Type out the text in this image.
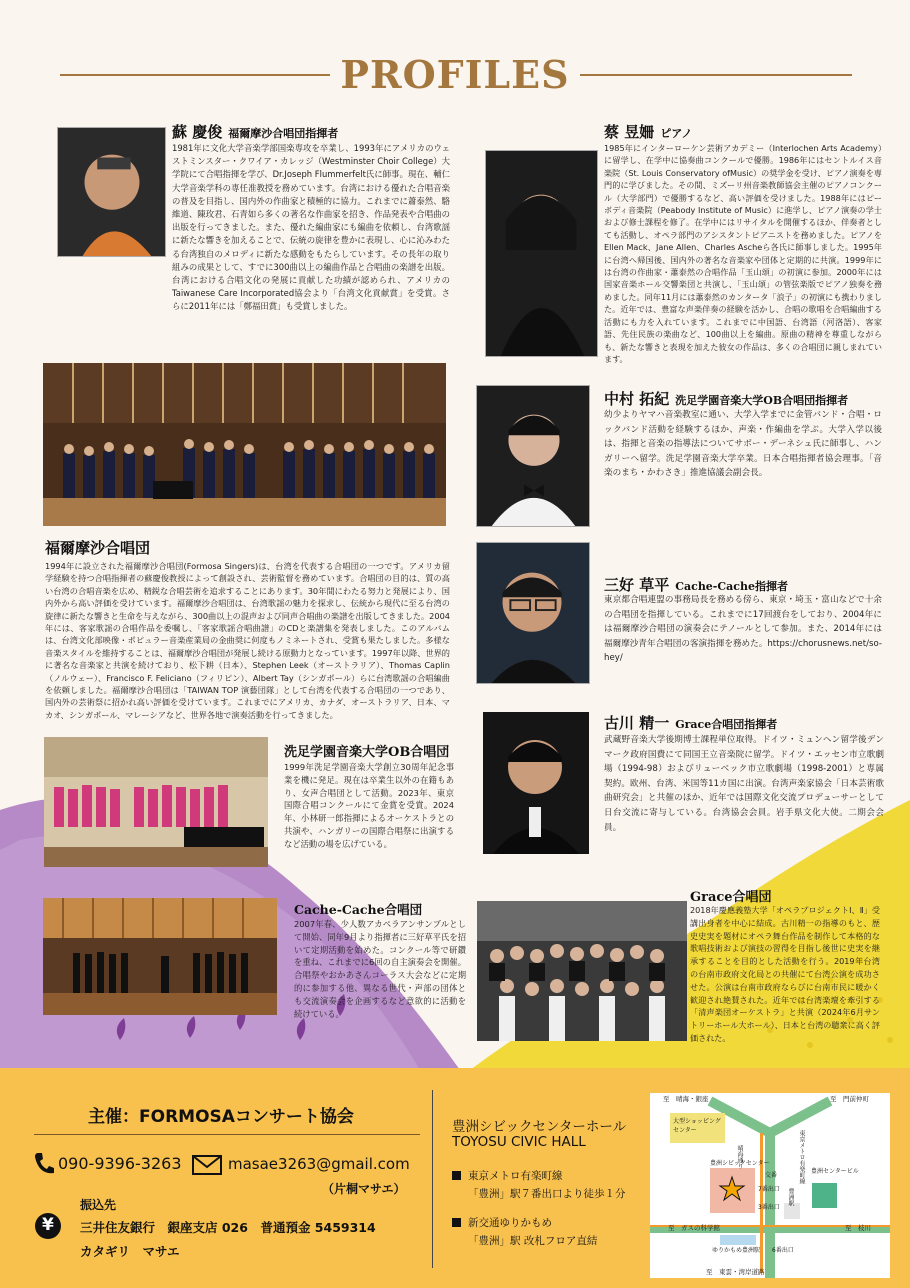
PROFILES
蘇 慶俊 福爾摩沙合唱団指揮者
1981年に文化大学音楽学部国楽専攻を卒業し、1993年にアメリカのウェストミンスター・クワイア・カレッジ（Westminster Choir College）大学院にて合唱指揮を学び、Dr.Joseph Flummerfelt氏に師事。現在、輔仁大学音楽学科の専任准教授を務めています。台湾における優れた合唱音楽の普及を目指し、国内外の作曲家と積極的に協力。これまでに蕭泰然、駱維道、陳玫君、石青如ら多くの著名な作曲家を招き、作品発表や合唱曲の出版を行ってきました。また、優れた編曲家にも編曲を依頼し、台湾歌謡に新たな響きを加えることで、伝統の旋律を豊かに表現し、心に沁みわたる台湾独自のメロディに新たな感動をもたらしています。その長年の取り組みの成果として、すでに300曲以上の編曲作品と合唱曲の楽譜を出版。台湾における合唱文化の発展に貢献した功績が認められ、アメリカのTaiwanese Care Incorporated協会より「台湾文化貢献賞」を受賞。さらに2011年には「鄭福田賞」も受賞しました。
蔡 昱姍 ピアノ
1985年にインターローケン芸術アカデミー（Interlochen Arts Academy）に留学し、在学中に協奏曲コンクールで優勝。1986年にはセントルイス音楽院（St. Louis Conservatory ofMusic）の奨学金を受け、ピアノ演奏を専門的に学びました。その間、ミズーリ州音楽教師協会主催のピアノコンクール（大学部門）で優勝するなど、高い評価を受けました。1988年にはピーボディ音楽院（Peabody Institute of Music）に進学し、ピアノ演奏の学士および修士課程を修了。在学中にはリサイタルを開催するほか、伴奏者としても活動し、オペラ部門のアシスタントピアニストを務めました。ピアノをEllen Mack、Jane Allen、Charles Ascheら各氏に師事しました。1995年に台湾へ帰国後、国内外の著名な音楽家や団体と定期的に共演。1999年には台湾の作曲家・蕭泰然の合唱作品「玉山頌」の初演に参加。2000年には国家音楽ホール交響楽団と共演し、「玉山頌」の管弦楽版でピアノ独奏を務めました。同年11月には蕭泰然のカンタータ「浪子」の初演にも携わりました。近年では、豊富な声楽伴奏の経験を活かし、合唱の歌唱を合唱編曲する活動にも力を入れています。これまでに中国語、台湾語（河洛語）、客家語、先住民族の楽曲など、100曲以上を編曲。原曲の精神を尊重しながらも、新たな響きと表現を加えた彼女の作品は、多くの合唱団に親しまれています。
福爾摩沙合唱団
1994年に設立された福爾摩沙合唱団(Formosa Singers)は、台湾を代表する合唱団の一つです。アメリカ留学経験を持つ合唱指揮者の蘇慶俊教授によって創設され、芸術監督を務めています。合唱団の目的は、質の高い台湾の合唱音楽を広め、精鋭な合唱芸術を追求することにあります。30年間にわたる努力と発展により、国内外から高い評価を受けています。福爾摩沙合唱団は、台湾歌謡の魅力を探求し、伝統から現代に至る台湾の旋律に新たな響きと生命を与えながら、300曲以上の混声および同声合唱曲の楽譜を出版してきました。2004年には、客家歌謡の合唱作品を委嘱し、「客家歌謡合唱曲譜」のCDと楽譜集を発表しました。このアルバムは、台湾文化部映像・ポピュラー音楽産業局の金曲奨に何度もノミネートされ、受賞も果たしました。多様な音楽スタイルを維持することは、福爾摩沙合唱団が発展し続ける原動力となっています。1997年以降、世界的に著名な音楽家と共演を続けており、松下耕（日本）、Stephen Leek（オーストラリア）、Thomas Caplin（ノルウェー）、Francisco F. Feliciano（フィリピン）、Albert Tay（シンガポール）らに台湾歌謡の合唱編曲を依頼しました。福爾摩沙合唱団は「TAIWAN TOP 演藝団隊」として台湾を代表する合唱団の一つであり、国内外の芸術祭に招かれ高い評価を受けています。これまでにアメリカ、カナダ、オーストラリア、日本、マカオ、シンガポール、マレーシアなど、世界各地で演奏活動を行ってきました。
中村 拓紀 洗足学園音楽大学OB合唱団指揮者
幼少よりヤマハ音楽教室に通い、大学入学までに金管バンド・合唱・ロックバンド活動を経験するほか、声楽・作編曲を学ぶ。大学入学以後は、指揮と音楽の指導法についてサボー・デーネシュ氏に師事し、ハンガリーへ留学。洗足学園音楽大学卒業。日本合唱指揮者協会理事。「音楽のまち・かわさき」推進協議会副会長。
三好 草平 Cache-Cache指揮者
東京都合唱連盟の事務局長を務める傍ら、東京・埼玉・富山などで十余の合唱団を指揮している。これまでに17回渡台をしており、2004年には福爾摩沙合唱団の演奏会にテノールとして参加。また、2014年には福爾摩沙青年合唱団の客演指揮を務めた。https://chorusnews.net/so-hey/
洗足学園音楽大学OB合唱団
1999年洗足学園音楽大学創立30周年記念事業を機に発足。現在は卒業生以外の在籍もあり、女声合唱団として活動。2023年、東京国際合唱コンクールにて金賞を受賞。2024年、小林研一郎指揮によるオーケストラとの共演や、ハンガリーの国際合唱祭に出演するなど活動の場を広げている。
古川 精一 Grace合唱団指揮者
武蔵野音楽大学後期博士課程単位取得。ドイツ・ミュンヘン留学後デンマーク政府国費にて同国王立音楽院に留学。ドイツ・エッセン市立歌劇場（1994-98）およびリューベック市立歌劇場（1998-2001）と専属契約。欧州、台湾、米国等11カ国に出演。台湾声楽家協会「日本芸術歌曲研究会」と共催のほか、近年では国際文化交流プロデューサーとして日台交流に寄与している。台湾協会会員。岩手県文化大使。二期会会員。
Cache-Cache合唱団
2007年春、少人数アカペラアンサンブルとして開始、同年9月より指揮者に三好草平氏を招いて定期活動を始めた。コンクール等で研鑽を重ね、これまでに6回の自主演奏会を開催。合唱祭やおかあさんコーラス大会などに定期的に参加する他、異なる世代・声部の団体とも交流演奏会を企画するなど意欲的に活動を続けている。
Grace合唱団
2018年慶應義塾大学「オペラプロジェクトⅠ、Ⅱ」受講出身者を中心に結成。古川精一の指導のもと、歴史史実を題材にオペラ舞台作品を制作して本格的な歌唱技術および演技の習得を目指し後世に史実を継承することを目的とした活動を行う。2019年台湾の台南市政府文化局との共催にて台湾公演を成功させた。公演は台南市政府ならびに台南市民に暖かく歓迎され絶賛された。近年では台湾楽壇を牽引する「清声楽団オーケストラ」と共演（2024年6月サントリーホール大ホール）、日本と台湾の聴衆に高く評価された。
主催：FORMOSAコンサート協会
090-9396-3263	masae3263@gmail.com
（片桐マサエ）
¥
振込先
三井住友銀行　銀座支店 026　普通預金 5459314
カタギリ　マサエ
豊洲シビックセンターホール
TOYOSU CIVIC HALL
東京メトロ有楽町線
「豊洲」駅７番出口より徒歩１分
新交通ゆりかもめ
「豊洲」駅 改札フロア直結
至　晴海・銀座	至　門前仲町
大型ショッピングセンター
晴海通り	東京メトロ有楽町線
豊洲シビックセンター
交番
7番出口
3番出口
豊洲センタービル
豊洲駅
至　ガスの科学館
ゆりかもめ豊洲駅 6番出口
至　枝川
至　東雲・湾岸道路
